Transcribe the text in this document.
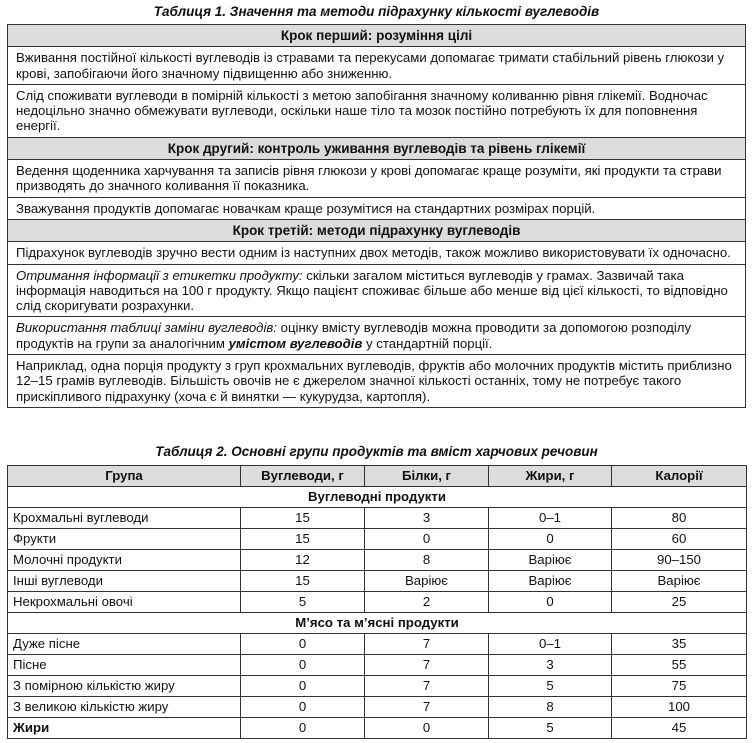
Таблиця 1. Значення та методи підрахунку кількості вуглеводів
Крок перший: розуміння цілі
Вживання постійної кількості вуглеводів із стравами та перекусами допомагає тримати стабільний рівень глюкози у крові, запобігаючи його значному підвищенню або зниженню.
Слід споживати вуглеводи в помірній кількості з метою запобігання значному коливанню рівня глікемії. Водночас недоцільно значно обмежувати вуглеводи, оскільки наше тіло та мозок постійно потребують їх для поповнення енергії.
Крок другий: контроль уживання вуглеводів та рівень глікемії
Ведення щоденника харчування та записів рівня глюкози у крові допомагає краще розуміти, які продукти та страви призводять до значного коливання її показника.
Зважування продуктів допомагає новачкам краще розумітися на стандартних розмірах порцій.
Крок третій: методи підрахунку вуглеводів
Підрахунок вуглеводів зручно вести одним із наступних двох методів, також можливо використовувати їх одночасно.
Отримання інформації з етикетки продукту: скільки загалом міститься вуглеводів у грамах. Зазвичай така інформація наводиться на 100 г продукту. Якщо пацієнт споживає більше або менше від цієї кількості, то відповідно слід скоригувати розрахунки.
Використання таблиці заміни вуглеводів: оцінку вмісту вуглеводів можна проводити за допомогою розподілу продуктів на групи за аналогічним умістом вуглеводів у стандартній порції.
Наприклад, одна порція продукту з груп крохмальних вуглеводів, фруктів або молочних продуктів містить приблизно 12–15 грамів вуглеводів. Більшість овочів не є джерелом значної кількості останніх, тому не потребує такого прискіпливого підрахунку (хоча є й винятки — кукурудза, картопля).
Таблиця 2. Основні групи продуктів та вміст харчових речовин
Група	Вуглеводи, г	Білки, г	Жири, г	Калорії
Вуглеводні продукти				
Крохмальні вуглеводи	15	3	0–1	80
Фрукти	15	0	0	60
Молочні продукти	12	8	Варіює	90–150
Інші вуглеводи	15	Варіює	Варіює	Варіює
Некрохмальні овочі	5	2	0	25
М’ясо та м’ясні продукти				
Дуже пісне	0	7	0–1	35
Пісне	0	7	3	55
З помірною кількістю жиру	0	7	5	75
З великою кількістю жиру	0	7	8	100
Жири	0	0	5	45
